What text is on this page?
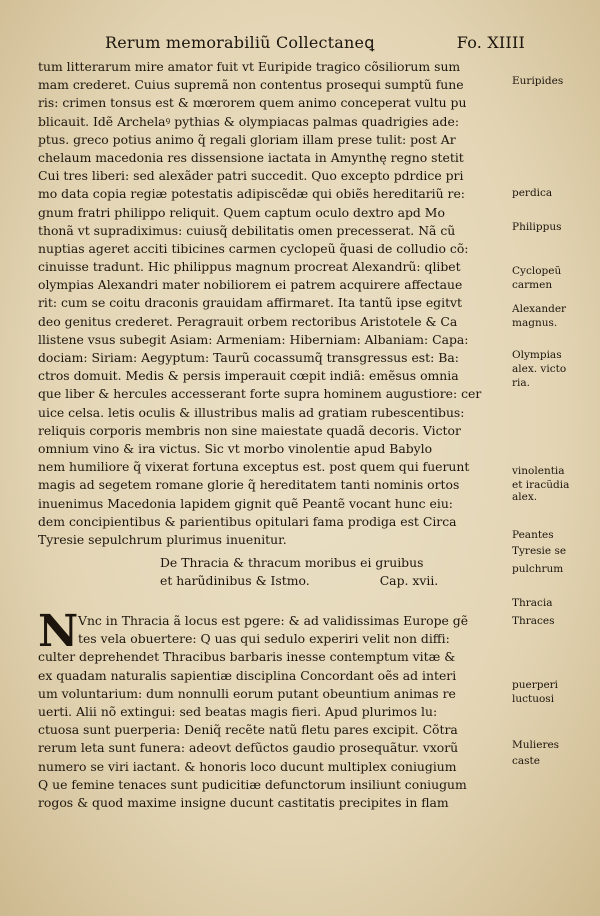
Rerum memorabiliũ Collectaneꝗ	Fo. XIIII
tum litterarum mire amator fuit vt Euripide tragico cõsiliorum sum
mam crederet. Cuius supremã non contentus prosequi sumptũ fune
ris: crimen tonsus est & mœrorem quem animo conceperat vultu pu
blicauit. Idẽ Archelaꝰ pythias & olympiacas palmas quadrigies ade:
ptus. greco potius animo q̃ regali gloriam illam prese tulit: post Ar
chelaum macedonia res dissensione iactata in Amynthę regno stetit
Cui tres liberi: sed alexãder patri succedit. Quo excepto pdrdice pri
mo data copia regiæ potestatis adipiscẽdæ qui obiẽs hereditariũ re:
gnum fratri philippo reliquit. Quem captum oculo dextro apd Mo
thonã vt supradiximus: cuiusq̃ debilitatis omen precesserat. Nã cũ
nuptias ageret acciti tibicines carmen cyclopeũ q̃uasi de colludio cõ:
cinuisse tradunt. Hic philippus magnum procreat Alexandrũ: qlibet
olympias Alexandri mater nobiliorem ei patrem acquirere affectaue
rit: cum se coitu draconis grauidam affirmaret. Ita tantũ ipse egitvt
deo genitus crederet. Peragrauit orbem rectoribus Aristotele & Ca
llistene vsus subegit Asiam: Armeniam: Hiberniam: Albaniam: Capa:
dociam: Siriam: Aegyptum: Taurũ cocassumq̃ transgressus est: Ba:
ctros domuit. Medis & persis imperauit cœpit indiã: emẽsus omnia
que liber & hercules accesserant forte supra hominem augustiore: cer
uice celsa. letis oculis & illustribus malis ad gratiam rubescentibus:
reliquis corporis membris non sine maiestate quadã decoris. Victor
omnium vino & ira victus. Sic vt morbo vinolentie apud Babylo
nem humiliore q̃ vixerat fortuna exceptus est. post quem qui fuerunt
magis ad segetem romane glorie q̃ hereditatem tanti nominis ortos
inuenimus Macedonia lapidem gignit quẽ Peantẽ vocant hunc eiu:
dem concipientibus & parientibus opitulari fama prodiga est Circa
Tyresie sepulchrum plurimus inuenitur.
De Thracia & thracum moribus ei gruibus
et harũdinibus & Istmo.	Cap. xvii.
N Vnc in Thracia ã locus est pgere: & ad validissimas Europe gẽ
tes vela obuertere: Q uas qui sedulo experiri velit non diffi:
culter deprehendet Thracibus barbaris inesse contemptum vitæ &
ex quadam naturalis sapientiæ disciplina Concordant oẽs ad interi
um voluntarium: dum nonnulli eorum putant obeuntium animas re
uerti. Alii nõ extingui: sed beatas magis fieri. Apud plurimos lu:
ctuosa sunt puerperia: Deniq̃ recẽte natũ fletu pares excipit. Cõtra
rerum leta sunt funera: adeovt defũctos gaudio prosequãtur. vxorũ
numero se viri iactant. & honoris loco ducunt multiplex coniugium
Q ue femine tenaces sunt pudicitiæ defunctorum insiliunt coniugum
rogos & quod maxime insigne ducunt castitatis precipites in flam
Euripides
perdica
Philippus
Cyclopeũ
carmen
Alexander
magnus.
Olympias
alex. victo
ria.
vinolentia
et iracũdia
alex.
Peantes
Tyresie se
pulchrum
Thracia
Thraces
puerperi
luctuosi
Mulieres
caste
